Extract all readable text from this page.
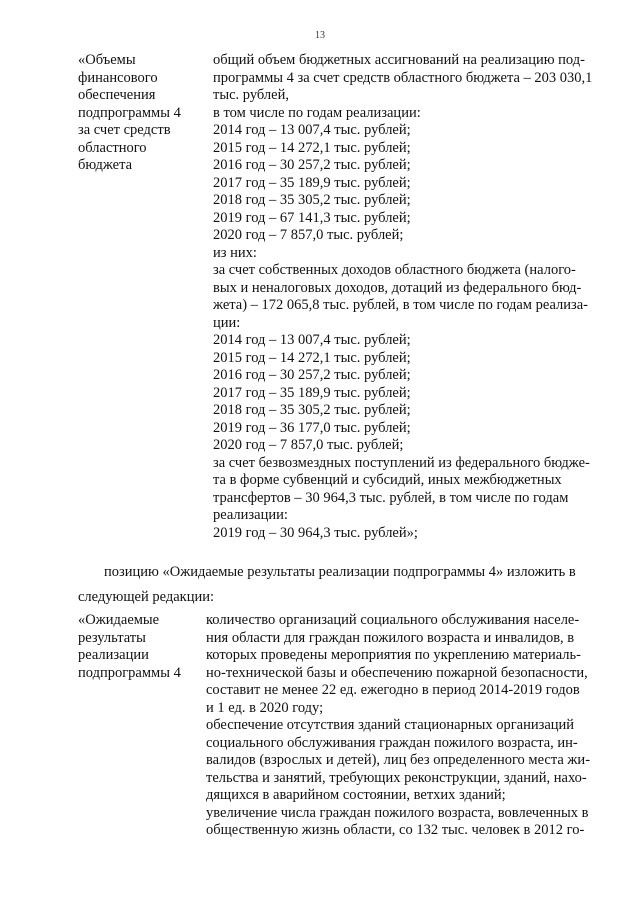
13
«Объемы
финансового
обеспечения
подпрограммы 4
за счет средств
областного
бюджета
общий объем бюджетных ассигнований на реализацию под-
программы 4 за счет средств областного бюджета – 203 030,1
тыс. рублей,
в том числе по годам реализации:
2014 год – 13 007,4 тыс. рублей;
2015 год – 14 272,1 тыс. рублей;
2016 год – 30 257,2 тыс. рублей;
2017 год – 35 189,9 тыс. рублей;
2018 год – 35 305,2 тыс. рублей;
2019 год – 67 141,3 тыс. рублей;
2020 год – 7 857,0 тыс. рублей;
из них:
за счет собственных доходов областного бюджета (налого-
вых и неналоговых доходов, дотаций из федерального бюд-
жета) – 172 065,8 тыс. рублей, в том числе по годам реализа-
ции:
2014 год – 13 007,4 тыс. рублей;
2015 год – 14 272,1 тыс. рублей;
2016 год – 30 257,2 тыс. рублей;
2017 год – 35 189,9 тыс. рублей;
2018 год – 35 305,2 тыс. рублей;
2019 год – 36 177,0 тыс. рублей;
2020 год – 7 857,0 тыс. рублей;
за счет безвозмездных поступлений из федерального бюдже-
та в форме субвенций и субсидий, иных межбюджетных
трансфертов – 30 964,3 тыс. рублей, в том числе по годам
реализации:
2019 год – 30 964,3 тыс. рублей»;
позицию «Ожидаемые результаты реализации подпрограммы 4» изложить в
следующей редакции:
«Ожидаемые
результаты
реализации
подпрограммы 4
количество организаций социального обслуживания населе-
ния области для граждан пожилого возраста и инвалидов, в
которых проведены мероприятия по укреплению материаль-
но-технической базы и обеспечению пожарной безопасности,
составит не менее 22 ед. ежегодно в период 2014-2019 годов
и 1 ед. в 2020 году;
обеспечение отсутствия зданий стационарных организаций
социального обслуживания граждан пожилого возраста, ин-
валидов (взрослых и детей), лиц без определенного места жи-
тельства и занятий, требующих реконструкции, зданий, нахо-
дящихся в аварийном состоянии, ветхих зданий;
увеличение числа граждан пожилого возраста, вовлеченных в
общественную жизнь области, со 132 тыс. человек в 2012 го-
